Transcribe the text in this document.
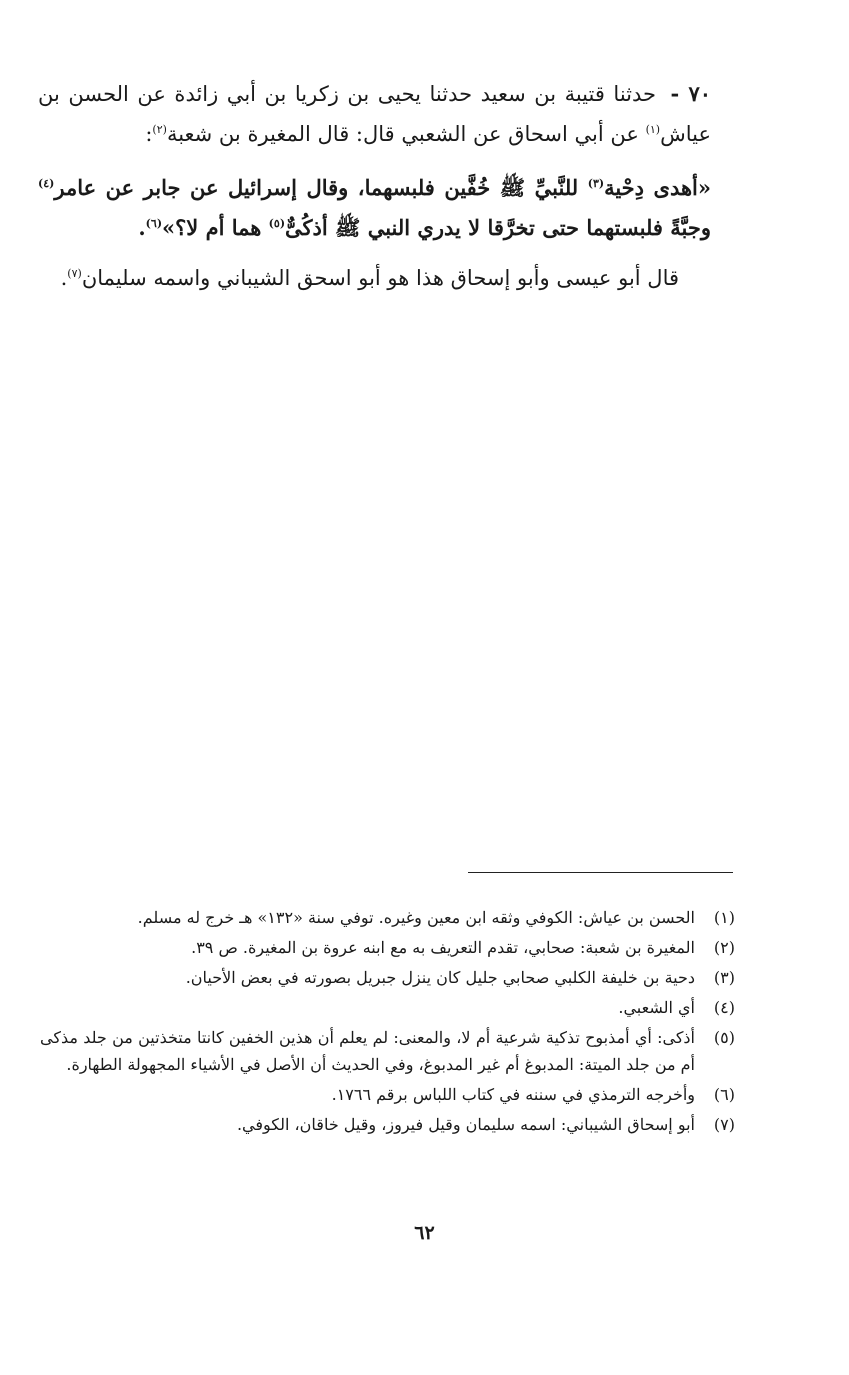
٧٠ - حدثنا قتيبة بن سعيد حدثنا يحيى بن زكريا بن أبي زائدة عن الحسن بن عياش$^{(١)}$ عن أبي اسحاق عن الشعبي قال: قال المغيرة بن شعبة$^{(٢)}$:

«أهدى دِحْية$^{(٣)}$ للنَّبيِّ ﷺ خُفَّين فلبسهما، وقال إسرائيل عن جابر عن عامر$^{(٤)}$ وجبَّةً فلبستهما حتى تخرَّقا لا يدري النبي ﷺ أذكُىٌّ$^{(٥)}$ هما أم لا؟»$^{(٦)}$.

قال أبو عيسى وأبو إسحاق هذا هو أبو اسحق الشيباني واسمه سليمان$^{(٧)}$.

(١)
الحسن بن عياش: الكوفي وثقه ابن معين وغيره. توفي سنة «١٣٢» هـ خرج له مسلم.
(٢)
المغيرة بن شعبة: صحابي، تقدم التعريف به مع ابنه عروة بن المغيرة. ص ٣٩.
(٣)
دحية بن خليفة الكلبي صحابي جليل كان ينزل جبريل بصورته في بعض الأحيان.
(٤)
أي الشعبي.
(٥)
أذكى: أي أمذبوح تذكية شرعية أم لا، والمعنى: لم يعلم أن هذين الخفين كانتا متخذتين من جلد مذكى أم من جلد الميتة: المدبوغ أم غير المدبوغ، وفي الحديث أن الأصل في الأشياء المجهولة الطهارة.
(٦)
وأخرجه الترمذي في سننه في كتاب اللباس برقم ١٧٦٦.
(٧)
أبو إسحاق الشيباني: اسمه سليمان وقيل فيروز، وقيل خاقان، الكوفي.
٦٢
